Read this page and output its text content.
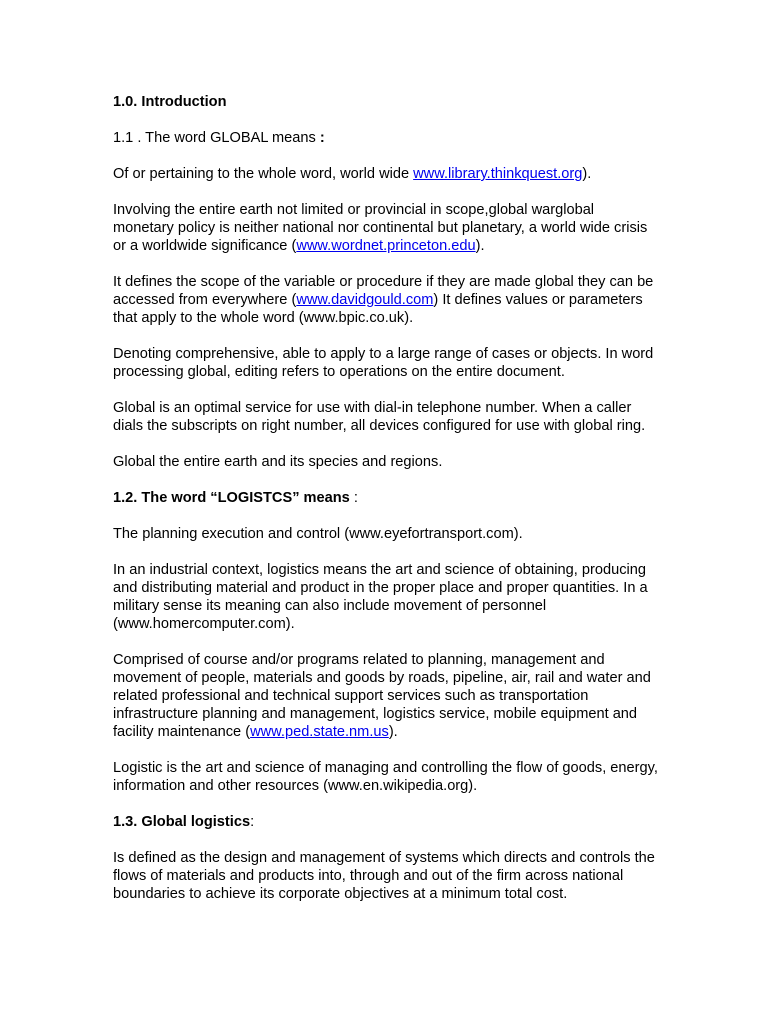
1.0. Introduction

1.1 . The word GLOBAL means :

Of or pertaining to the whole word, world wide www.library.thinkquest.org).

Involving the entire earth not limited or provincial in scope,global warglobal monetary policy is neither national nor continental but planetary, a world wide crisis or a worldwide significance (www.wordnet.princeton.edu).

It defines the scope of the variable or procedure if they are made global they can be accessed from everywhere (www.davidgould.com) It defines values or parameters that apply to the whole word (www.bpic.co.uk).

Denoting comprehensive, able to apply to a large range of cases or objects. In word processing global, editing refers to operations on the entire document.

Global is an optimal service for use with dial-in telephone number. When a caller dials the subscripts on right number, all devices configured for use with global ring.

Global the entire earth and its species and regions.

1.2. The word “LOGISTCS” means :

The planning execution and control (www.eyefortransport.com).

In an industrial context, logistics means the art and science of obtaining, producing and distributing material and product in the proper place and proper quantities. In a military sense its meaning can also include movement of personnel (www.homercomputer.com).

Comprised of course and/or programs related to planning, management and movement of people, materials and goods by roads, pipeline, air, rail and water and related professional and technical support services such as transportation infrastructure planning and management, logistics service, mobile equipment and facility maintenance (www.ped.state.nm.us).

Logistic is the art and science of managing and controlling the flow of goods, energy, information and other resources (www.en.wikipedia.org).

1.3. Global logistics:

Is defined as the design and management of systems which directs and controls the flows of materials and products into, through and out of the firm across national boundaries to achieve its corporate objectives at a minimum total cost.
